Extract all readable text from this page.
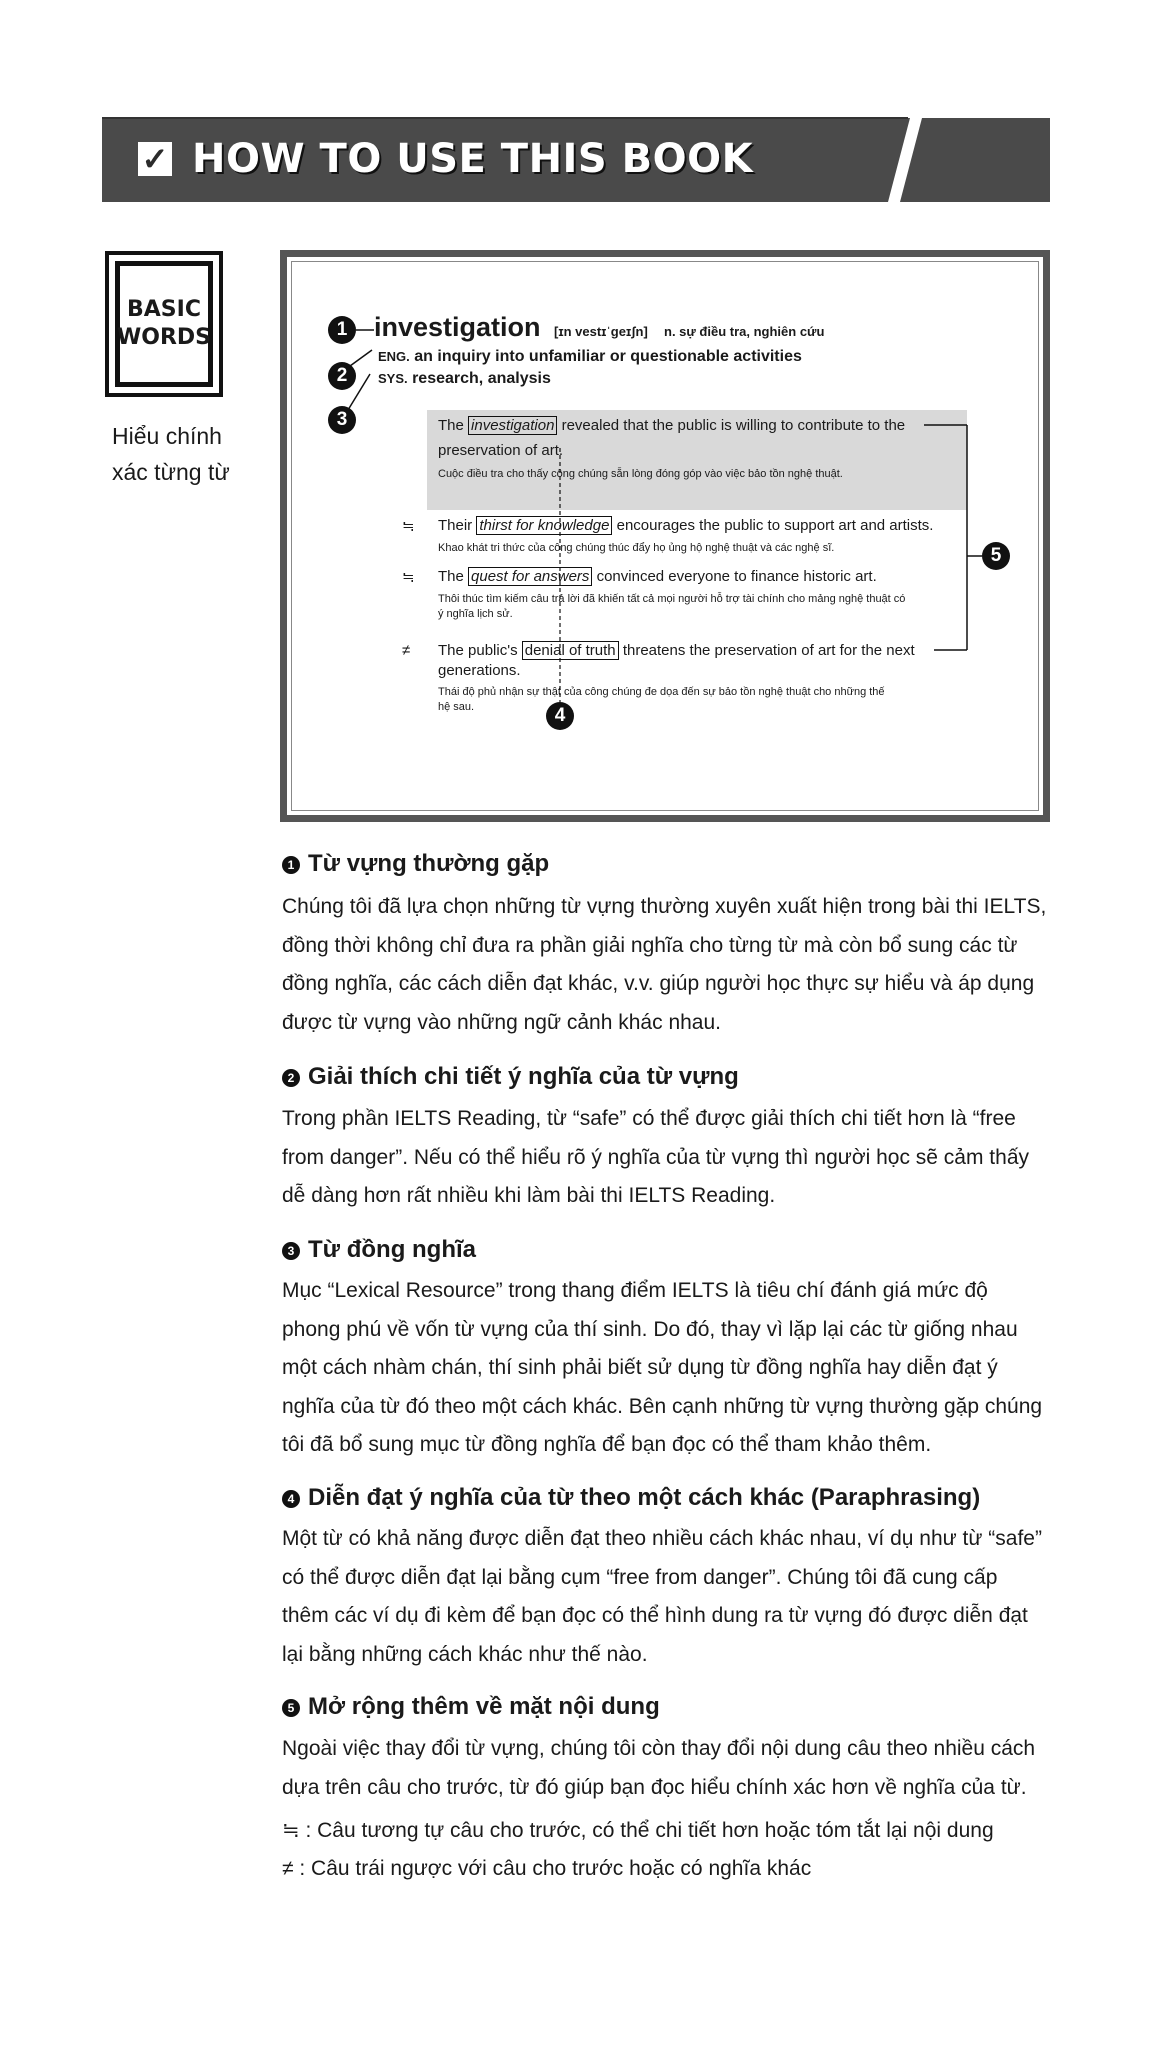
✓ HOW TO USE THIS BOOK
BASIC
WORDS
Hiểu chính
xác từng từ
1
2
3
4
5
investigation [ɪn vestɪˈgeɪʃn] n. sự điều tra, nghiên cứu
ENG. an inquiry into unfamiliar or questionable activities
SYS. research, analysis
The investigation revealed that the public is willing to contribute to the
preservation of art.
Cuộc điều tra cho thấy công chúng sẵn lòng đóng góp vào việc bảo tồn nghệ thuật.
≒ Their thirst for knowledge encourages the public to support art and artists.
Khao khát tri thức của công chúng thúc đẩy họ ủng hộ nghệ thuật và các nghệ sĩ.
≒ The quest for answers convinced everyone to finance historic art.
Thôi thúc tìm kiếm câu trả lời đã khiến tất cả mọi người hỗ trợ tài chính cho mảng nghệ thuật có
ý nghĩa lịch sử.
≠ The public's denial of truth threatens the preservation of art for the next
generations.
Thái độ phủ nhận sự thật của công chúng đe dọa đến sự bảo tồn nghệ thuật cho những thế
hệ sau.
1 Từ vựng thường gặp
Chúng tôi đã lựa chọn những từ vựng thường xuyên xuất hiện trong bài thi IELTS,
đồng thời không chỉ đưa ra phần giải nghĩa cho từng từ mà còn bổ sung các từ
đồng nghĩa, các cách diễn đạt khác, v.v. giúp người học thực sự hiểu và áp dụng
được từ vựng vào những ngữ cảnh khác nhau.
2 Giải thích chi tiết ý nghĩa của từ vựng
Trong phần IELTS Reading, từ “safe” có thể được giải thích chi tiết hơn là “free
from danger”. Nếu có thể hiểu rõ ý nghĩa của từ vựng thì người học sẽ cảm thấy
dễ dàng hơn rất nhiều khi làm bài thi IELTS Reading.
3 Từ đồng nghĩa
Mục “Lexical Resource” trong thang điểm IELTS là tiêu chí đánh giá mức độ
phong phú về vốn từ vựng của thí sinh. Do đó, thay vì lặp lại các từ giống nhau
một cách nhàm chán, thí sinh phải biết sử dụng từ đồng nghĩa hay diễn đạt ý
nghĩa của từ đó theo một cách khác. Bên cạnh những từ vựng thường gặp chúng
tôi đã bổ sung mục từ đồng nghĩa để bạn đọc có thể tham khảo thêm.
4 Diễn đạt ý nghĩa của từ theo một cách khác (Paraphrasing)
Một từ có khả năng được diễn đạt theo nhiều cách khác nhau, ví dụ như từ “safe”
có thể được diễn đạt lại bằng cụm “free from danger”. Chúng tôi đã cung cấp
thêm các ví dụ đi kèm để bạn đọc có thể hình dung ra từ vựng đó được diễn đạt
lại bằng những cách khác như thế nào.
5 Mở rộng thêm về mặt nội dung
Ngoài việc thay đổi từ vựng, chúng tôi còn thay đổi nội dung câu theo nhiều cách
dựa trên câu cho trước, từ đó giúp bạn đọc hiểu chính xác hơn về nghĩa của từ.
≒ : Câu tương tự câu cho trước, có thể chi tiết hơn hoặc tóm tắt lại nội dung
≠ : Câu trái ngược với câu cho trước hoặc có nghĩa khác
